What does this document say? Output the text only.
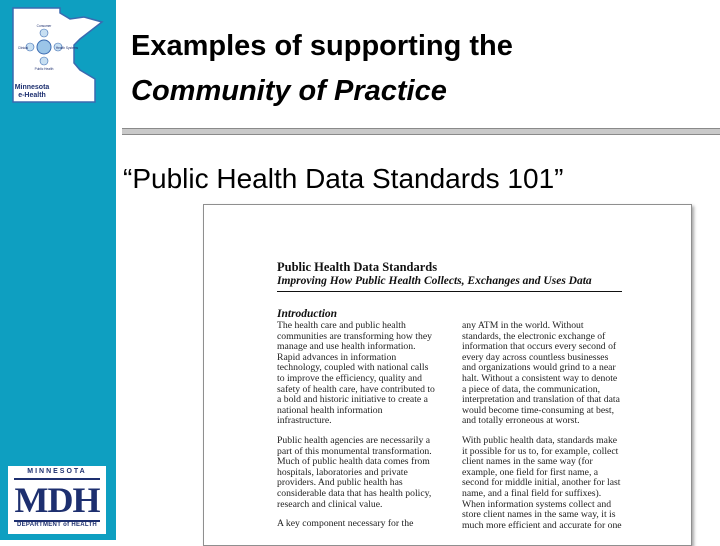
Consumer
Clinical	Health Systems
Public Health
Minnesota
e-Health
MINNESOTA
MDH
DEPARTMENT of HEALTH
Examples of supporting the
Community of Practice
“Public Health Data Standards 101”
Public Health Data Standards
Improving How Public Health Collects, Exchanges and Uses Data
Introduction

The health care and public health
communities are transforming how they
manage and use health information.
Rapid advances in information
technology, coupled with national calls
to improve the efficiency, quality and
safety of health care, have contributed to
a bold and historic initiative to create a
national health information
infrastructure.

Public health agencies are necessarily a
part of this monumental transformation.
Much of public health data comes from
hospitals, laboratories and private
providers. And public health has
considerable data that has health policy,
research and clinical value.

A key component necessary for the

any ATM in the world. Without
standards, the electronic exchange of
information that occurs every second of
every day across countless businesses
and organizations would grind to a near
halt. Without a consistent way to denote
a piece of data, the communication,
interpretation and translation of that data
would become time-consuming at best,
and totally erroneous at worst.

With public health data, standards make
it possible for us to, for example, collect
client names in the same way (for
example, one field for first name, a
second for middle initial, another for last
name, and a final field for suffixes).
When information systems collect and
store client names in the same way, it is
much more efficient and accurate for one
